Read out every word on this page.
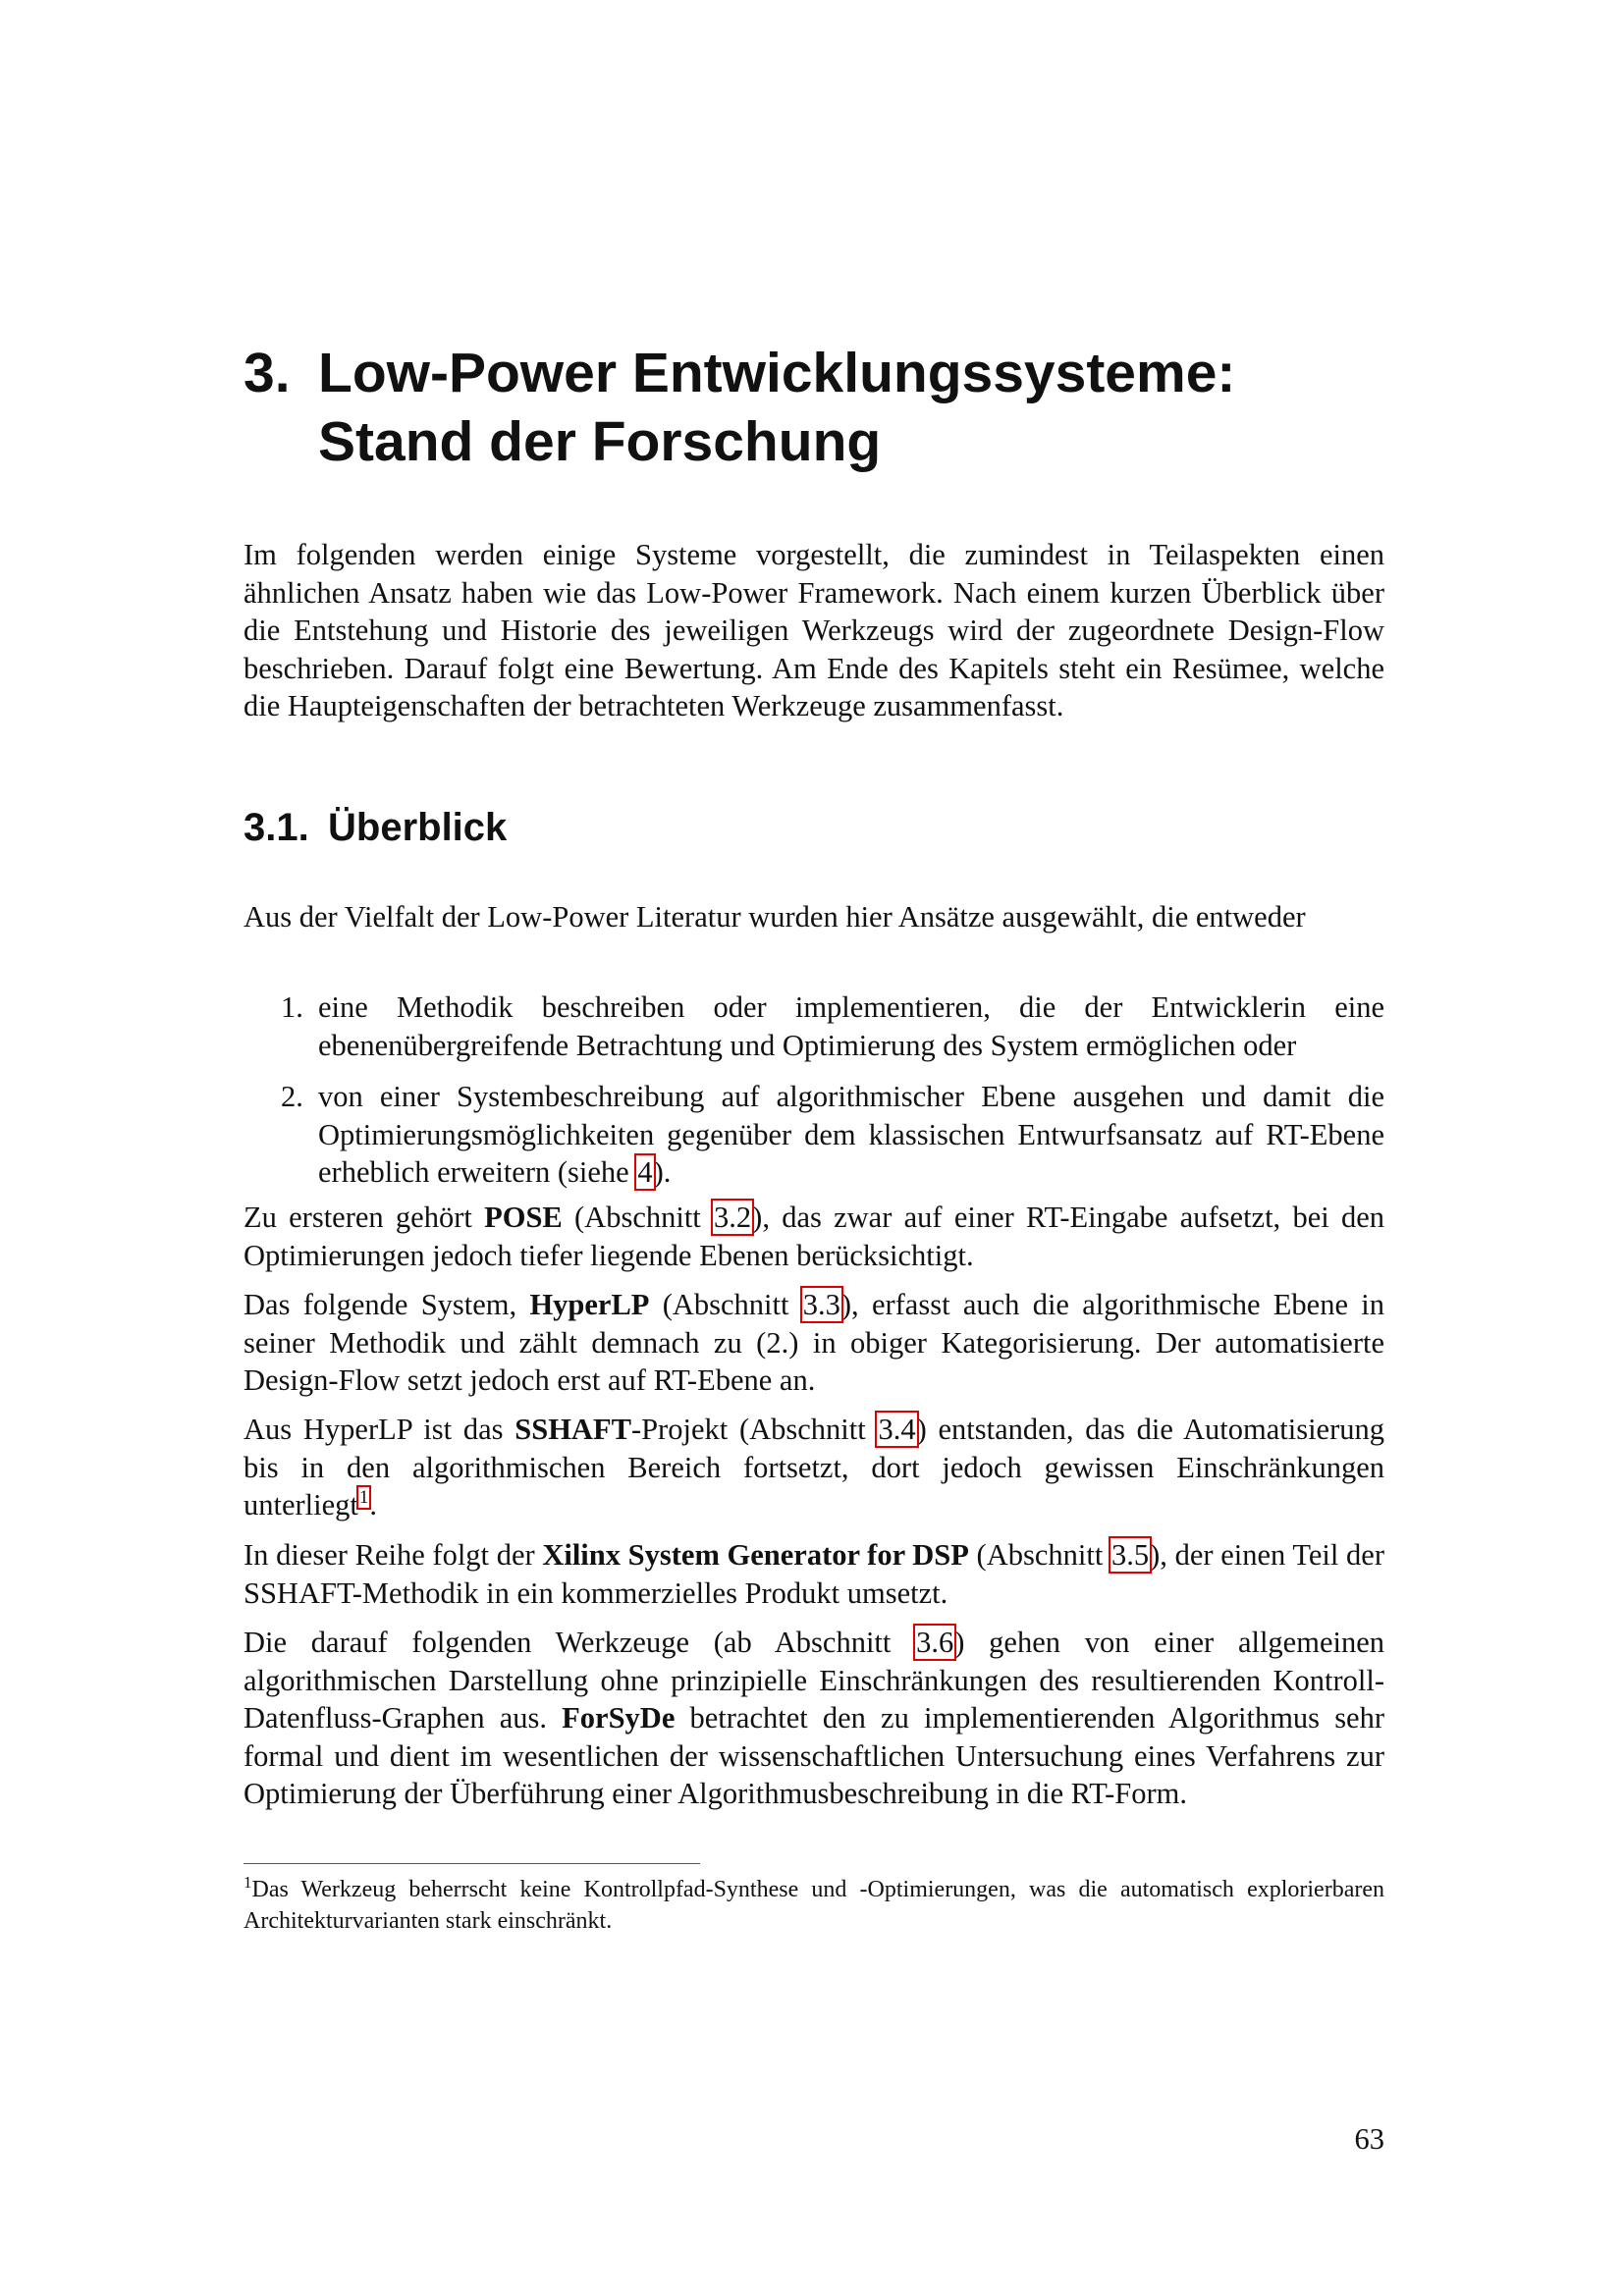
3. Low-Power Entwicklungssysteme:
Stand der Forschung

Im folgenden werden einige Systeme vorgestellt, die zumindest in Teilaspekten einen ähnlichen Ansatz haben wie das Low-Power Framework. Nach einem kurzen Überblick über die Entstehung und Historie des jeweiligen Werkzeugs wird der zugeordnete Design-Flow beschrieben. Darauf folgt eine Bewertung. Am Ende des Kapitels steht ein Resümee, welche die Haupteigenschaften der betrachteten Werkzeuge zusammenfasst.

3.1. Überblick

Aus der Vielfalt der Low-Power Literatur wurden hier Ansätze ausgewählt, die entweder

1. eine Methodik beschreiben oder implementieren, die der Entwicklerin eine ebenenübergreifende Betrachtung und Optimierung des System ermöglichen oder
2. von einer Systembeschreibung auf algorithmischer Ebene ausgehen und damit die Optimierungsmöglichkeiten gegenüber dem klassischen Entwurfsansatz auf RT-Ebene erheblich erweitern (siehe 4).

Zu ersteren gehört POSE (Abschnitt 3.2), das zwar auf einer RT-Eingabe aufsetzt, bei den Optimierungen jedoch tiefer liegende Ebenen berücksichtigt.

Das folgende System, HyperLP (Abschnitt 3.3), erfasst auch die algorithmische Ebene in seiner Methodik und zählt demnach zu (2.) in obiger Kategorisierung. Der automatisierte Design-Flow setzt jedoch erst auf RT-Ebene an.

Aus HyperLP ist das SSHAFT-Projekt (Abschnitt 3.4) entstanden, das die Automatisierung bis in den algorithmischen Bereich fortsetzt, dort jedoch gewissen Einschränkungen unterliegt$^1$.

In dieser Reihe folgt der Xilinx System Generator for DSP (Abschnitt 3.5), der einen Teil der SSHAFT-Methodik in ein kommerzielles Produkt umsetzt.

Die darauf folgenden Werkzeuge (ab Abschnitt 3.6) gehen von einer allgemeinen algorithmischen Darstellung ohne prinzipielle Einschränkungen des resultierenden Kontroll-Datenfluss-Graphen aus. ForSyDe betrachtet den zu implementierenden Algorithmus sehr formal und dient im wesentlichen der wissenschaftlichen Untersuchung eines Verfahrens zur Optimierung der Überführung einer Algorithmusbeschreibung in die RT-Form.

$^1$Das Werkzeug beherrscht keine Kontrollpfad-Synthese und -Optimierungen, was die automatisch explorierbaren Architekturvarianten stark einschränkt.

63
